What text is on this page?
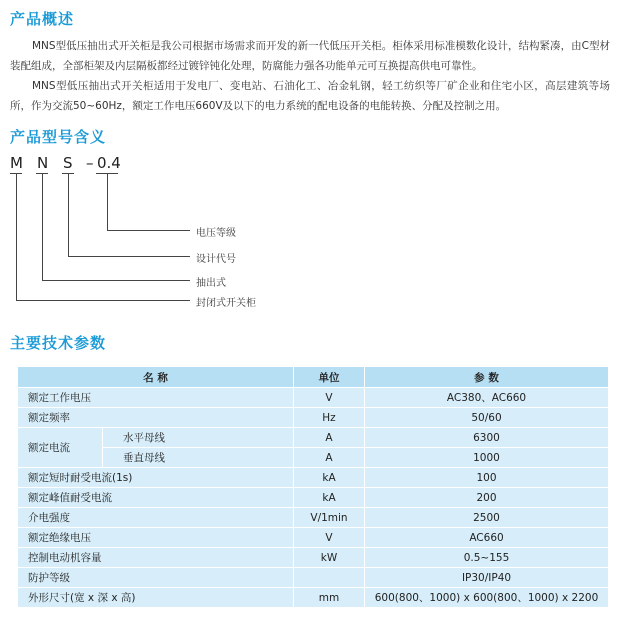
产品概述
MNS型低压抽出式开关柜是我公司根据市场需求而开发的新一代低压开关柜。柜体采用标准模数化设计，结构紧凑，由C型材装配组成，全部柜架及内层隔板都经过镀锌钝化处理，防腐能力强各功能单元可互换提高供电可靠性。
MNS型低压抽出式开关柜适用于发电厂、变电站、石油化工、冶金轧钢，轻工纺织等厂矿企业和住宅小区，高层建筑等场所，作为交流50~60Hz，额定工作电压660V及以下的电力系统的配电设备的电能转换、分配及控制之用。
产品型号含义
M N S – 0.4
电压等级
设计代号
抽出式
封闭式开关柜
主要技术参数
名 称		单位	参 数
额定工作电压		V	AC380、AC660
额定频率		Hz	50/60
额定电流	水平母线	A	6300
	垂直母线	A	1000
额定短时耐受电流(1s)		kA	100
额定峰值耐受电流		kA	200
介电强度		V/1min	2500
额定绝缘电压		V	AC660
控制电动机容量		kW	0.5~155
防护等级			IP30/IP40
外形尺寸(宽 x 深 x 高)		mm	600(800、1000) x 600(800、1000) x 2200
